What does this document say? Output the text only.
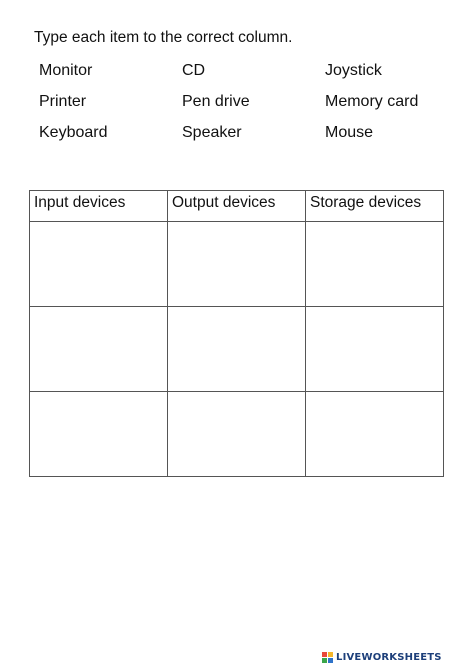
Type each item to the correct column.
Monitor	CD	Joystick
Printer	Pen drive	Memory card
Keyboard	Speaker	Mouse
Input devices	Output devices	Storage devices

LIVEWORKSHEETS
